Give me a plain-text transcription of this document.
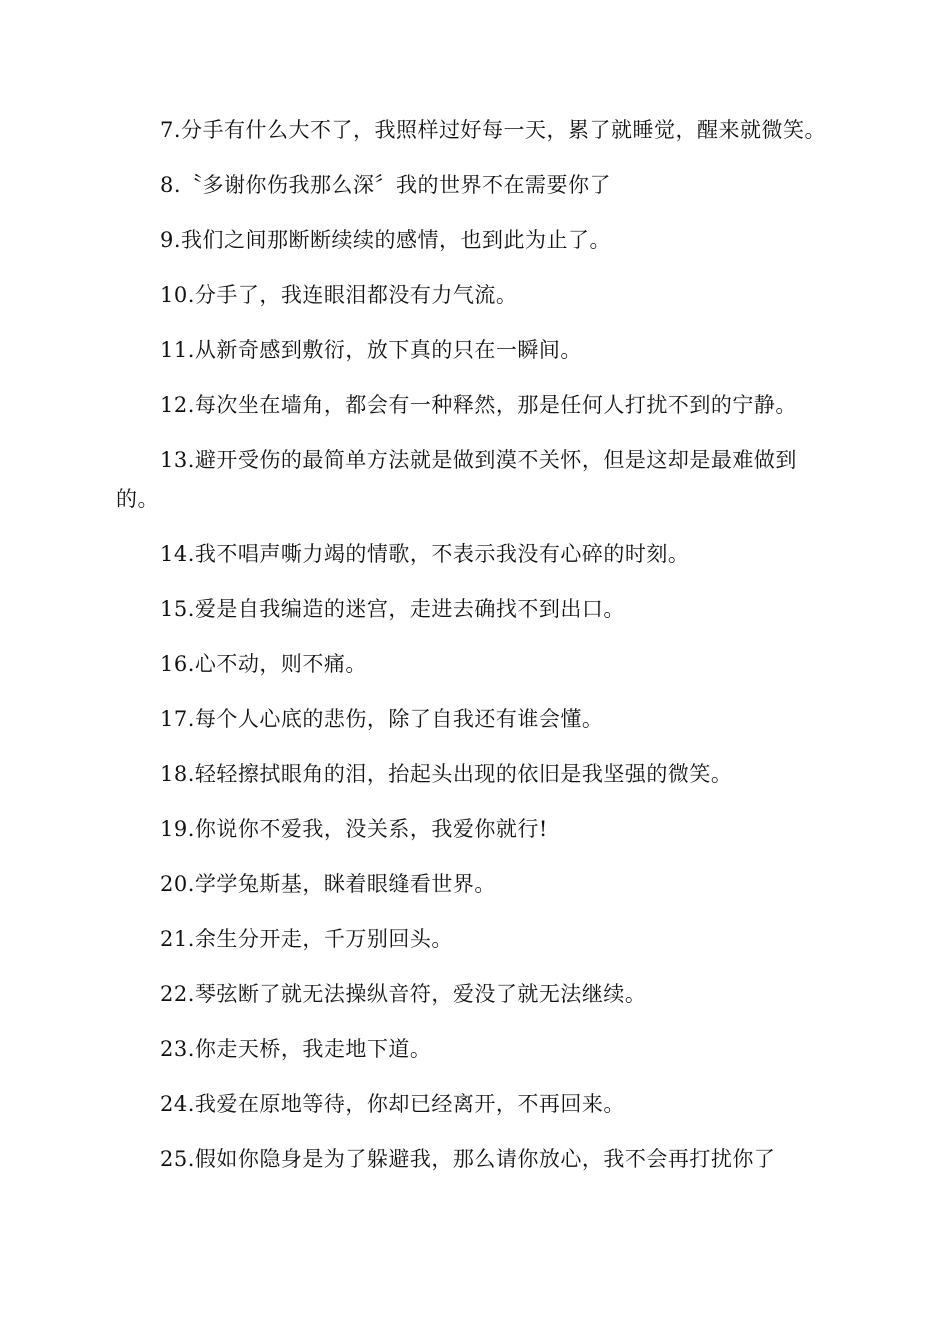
7.分手有什么大不了，我照样过好每一天，累了就睡觉，醒来就微笑。

8.〝多谢你伤我那么深〞我的世界不在需要你了

9.我们之间那断断续续的感情，也到此为止了。

10.分手了，我连眼泪都没有力气流。

11.从新奇感到敷衍，放下真的只在一瞬间。

12.每次坐在墙角，都会有一种释然，那是任何人打扰不到的宁静。

13.避开受伤的最简单方法就是做到漠不关怀，但是这却是最难做到的。

14.我不唱声嘶力竭的情歌，不表示我没有心碎的时刻。

15.爱是自我编造的迷宫，走进去确找不到出口。

16.心不动，则不痛。

17.每个人心底的悲伤，除了自我还有谁会懂。

18.轻轻擦拭眼角的泪，抬起头出现的依旧是我坚强的微笑。

19.你说你不爱我，没关系，我爱你就行!

20.学学兔斯基，眯着眼缝看世界。

21.余生分开走，千万别回头。

22.琴弦断了就无法操纵音符，爱没了就无法继续。

23.你走天桥，我走地下道。

24.我爱在原地等待，你却已经离开，不再回来。

25.假如你隐身是为了躲避我，那么请你放心，我不会再打扰你了
